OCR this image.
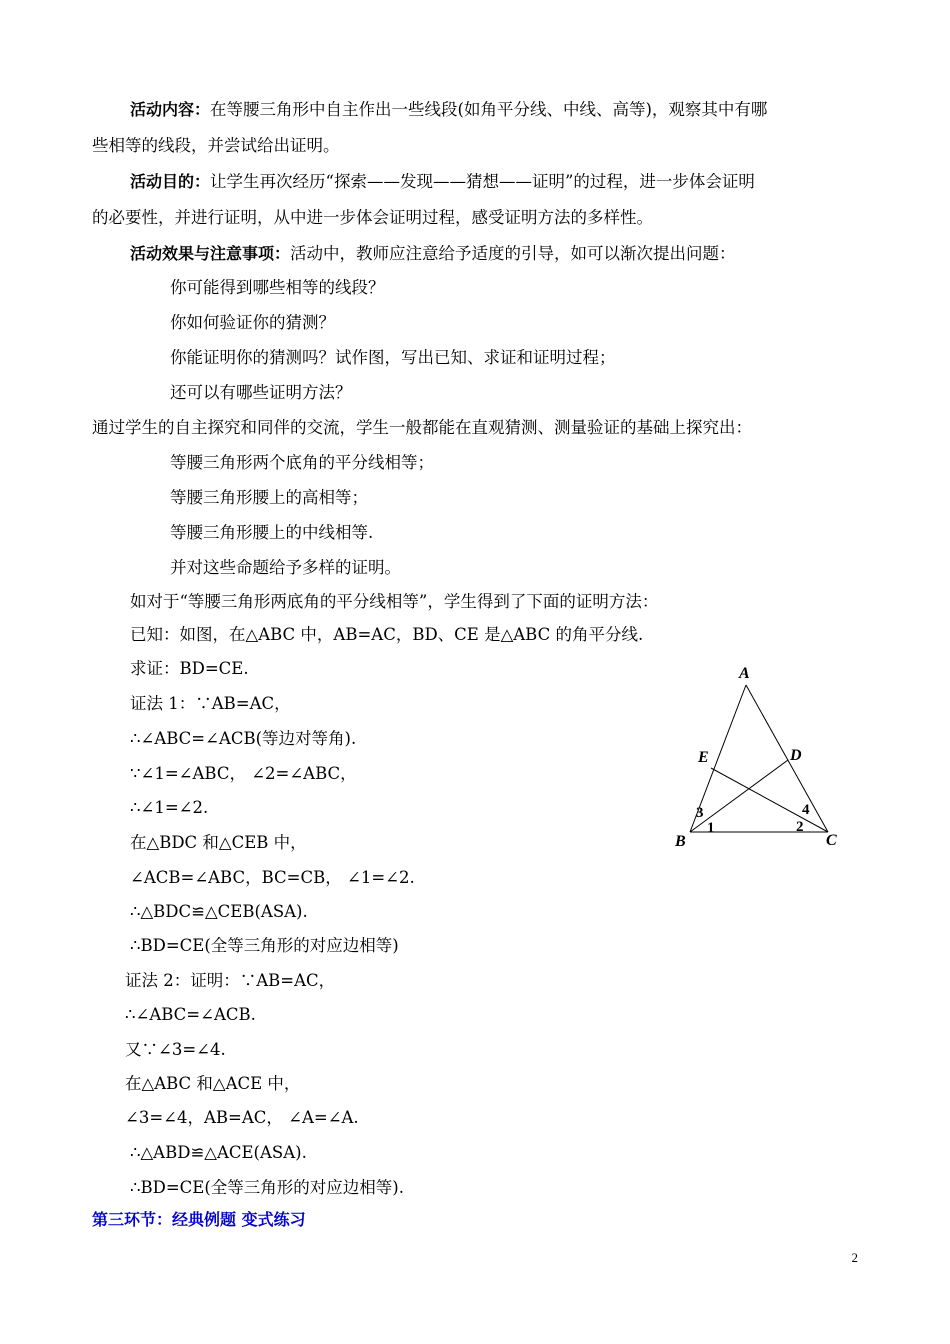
活动内容：在等腰三角形中自主作出一些线段(如角平分线、中线、高等)，观察其中有哪
些相等的线段，并尝试给出证明。
活动目的：让学生再次经历“探索——发现——猜想——证明”的过程，进一步体会证明
的必要性，并进行证明，从中进一步体会证明过程，感受证明方法的多样性。
活动效果与注意事项：活动中，教师应注意给予适度的引导，如可以渐次提出问题：
你可能得到哪些相等的线段？
你如何验证你的猜测？
你能证明你的猜测吗？试作图，写出已知、求证和证明过程；
还可以有哪些证明方法？
通过学生的自主探究和同伴的交流，学生一般都能在直观猜测、测量验证的基础上探究出：
等腰三角形两个底角的平分线相等；
等腰三角形腰上的高相等；
等腰三角形腰上的中线相等.
并对这些命题给予多样的证明。
如对于“等腰三角形两底角的平分线相等”，学生得到了下面的证明方法：
已知：如图，在△ABC 中，AB=AC，BD、CE 是△ABC 的角平分线.
求证：BD=CE.
证法 1：∵AB=AC，
∴∠ABC=∠ACB(等边对等角).
∵∠1=∠ABC， ∠2=∠ABC，
∴∠1=∠2.
在△BDC 和△CEB 中，
∠ACB=∠ABC，BC=CB， ∠1=∠2.
∴△BDC≌△CEB(ASA).
∴BD=CE(全等三角形的对应边相等)
证法 2：证明：∵AB=AC，
∴∠ABC=∠ACB.
又∵∠3=∠4.
在△ABC 和△ACE 中，
∠3=∠4，AB=AC， ∠A=∠A.
∴△ABD≌△ACE(ASA).
∴BD=CE(全等三角形的对应边相等).
第三环节：经典例题 变式练习
A
E	D
B	C
3
1
4
2
2
